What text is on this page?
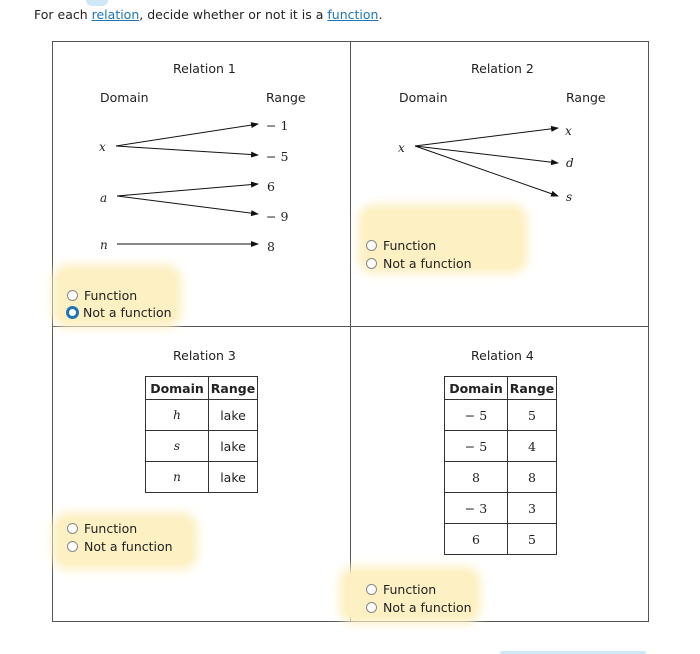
For each relation, decide whether or not it is a function.
Relation 1
Domain	Range
x
a
n
− 1
− 5
6
− 9
8
Function
Not a function
Relation 2
Domain	Range
x
x
d
s
Function
Not a function
Relation 3
Domain	Range
h	lake
s	lake
n	lake
Function
Not a function
Relation 4
Domain	Range
− 5	5
− 5	4
8	8
− 3	3
6	5
Function
Not a function
